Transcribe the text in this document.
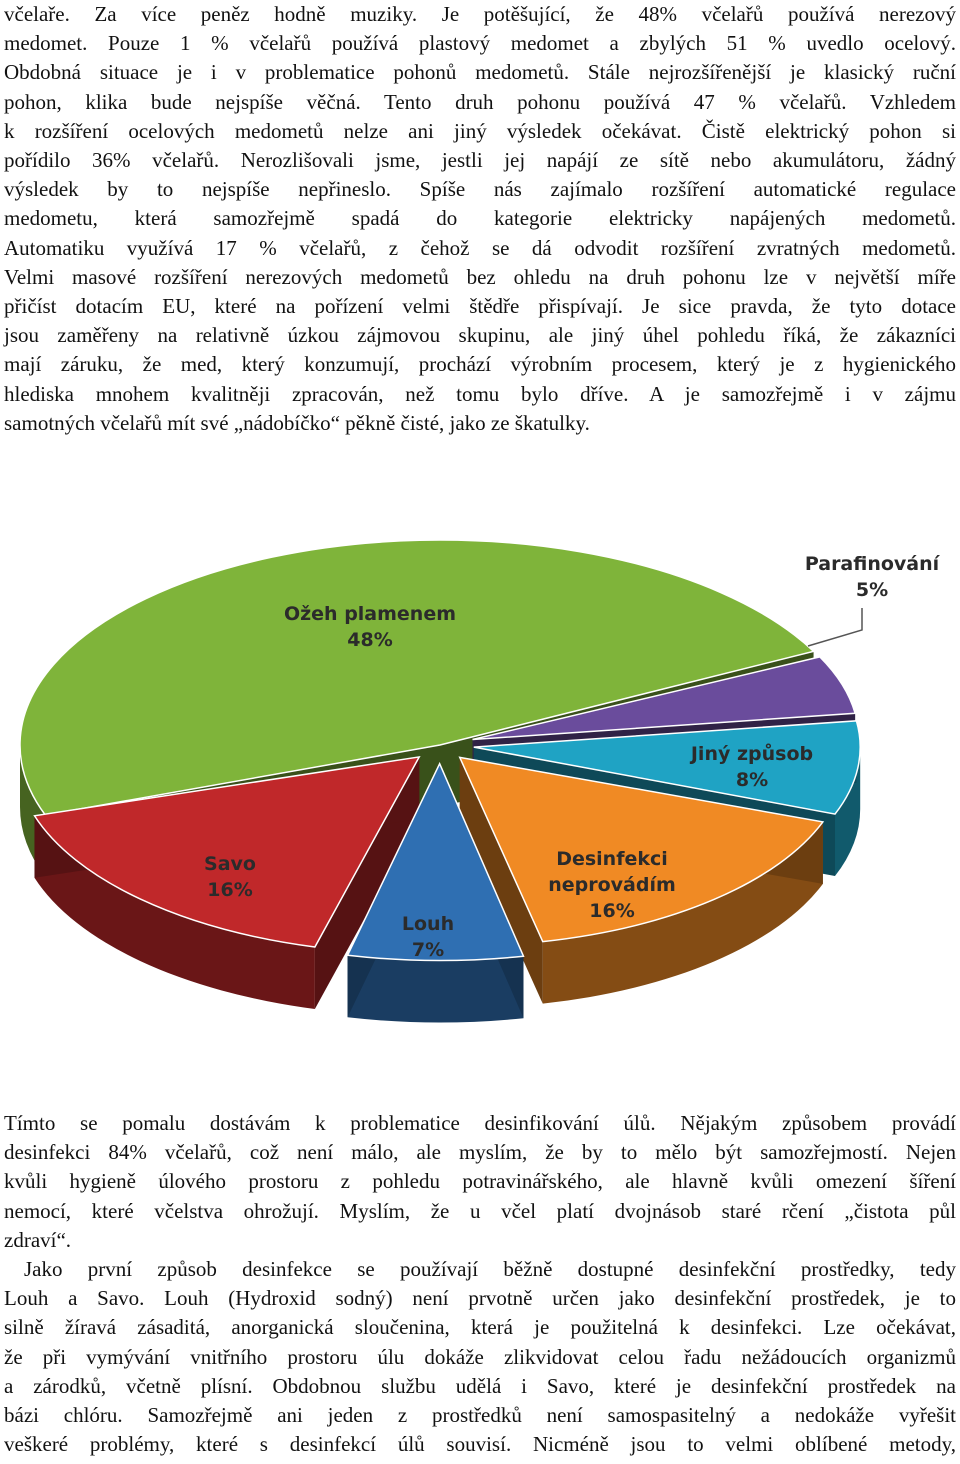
včelaře. Za více peněz hodně muziky. Je potěšující, že 48% včelařů používá nerezový

medomet. Pouze 1 % včelařů používá plastový medomet a zbylých 51 % uvedlo ocelový.

Obdobná situace je i v problematice pohonů medometů. Stále nejrozšířenější je klasický ruční

pohon, klika bude nejspíše věčná. Tento druh pohonu používá 47 % včelařů. Vzhledem

k rozšíření ocelových medometů nelze ani jiný výsledek očekávat. Čistě elektrický pohon si

pořídilo 36% včelařů. Nerozlišovali jsme, jestli jej napájí ze sítě nebo akumulátoru, žádný

výsledek by to nejspíše nepřineslo. Spíše nás zajímalo rozšíření automatické regulace

medometu, která samozřejmě spadá do kategorie elektricky napájených medometů.

Automatiku využívá 17 % včelařů, z čehož se dá odvodit rozšíření zvratných medometů.

Velmi masové rozšíření nerezových medometů bez ohledu na druh pohonu lze v největší míře

přičíst dotacím EU, které na pořízení velmi štědře přispívají. Je sice pravda, že tyto dotace

jsou zaměřeny na relativně úzkou zájmovou skupinu, ale jiný úhel pohledu říká, že zákazníci

mají záruku, že med, který konzumují, prochází výrobním procesem, který je z hygienického

hlediska mnohem kvalitněji zpracován, než tomu bylo dříve. A je samozřejmě i v zájmu

samotných včelařů mít své „nádobíčko“ pěkně čisté, jako ze škatulky.

Ožeh plamenem 48%
Parafinování 5%
Jiný způsob 8%
Desinfekci neprovádím 16%
Louh 7%
Savo 16%

Tímto se pomalu dostávám k problematice desinfikování úlů. Nějakým způsobem provádí

desinfekci 84% včelařů, což není málo, ale myslím, že by to mělo být samozřejmostí. Nejen

kvůli hygieně úlového prostoru z pohledu potravinářského, ale hlavně kvůli omezení šíření

nemocí, které včelstva ohrožují. Myslím, že u včel platí dvojnásob staré rčení „čistota půl

zdraví“.

Jako první způsob desinfekce se používají běžně dostupné desinfekční prostředky, tedy

Louh a Savo. Louh (Hydroxid sodný) není prvotně určen jako desinfekční prostředek, je to

silně žíravá zásaditá, anorganická sloučenina, která je použitelná k desinfekci. Lze očekávat,

že při vymývání vnitřního prostoru úlu dokáže zlikvidovat celou řadu nežádoucích organizmů

a zárodků, včetně plísní. Obdobnou službu udělá i Savo, které je desinfekční prostředek na

bázi chlóru. Samozřejmě ani jeden z prostředků není samospasitelný a nedokáže vyřešit

veškeré problémy, které s desinfekcí úlů souvisí. Nicméně jsou to velmi oblíbené metody,
